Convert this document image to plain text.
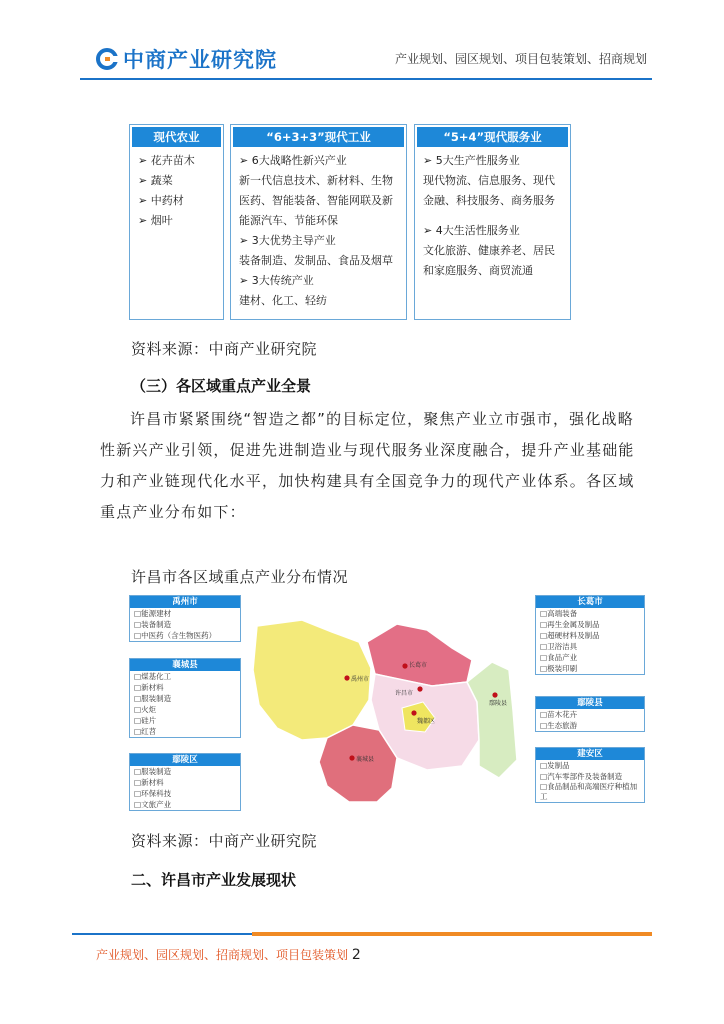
中商产业研究院	产业规划、园区规划、项目包装策划、招商规划
现代农业
➢ 花卉苗木
➢ 蔬菜
➢ 中药材
➢ 烟叶
“6+3+3”现代工业
➢ 6大战略性新兴产业
新一代信息技术、新材料、生物
医药、智能装备、智能网联及新
能源汽车、节能环保
➢ 3大优势主导产业
装备制造、发制品、食品及烟草
➢ 3大传统产业
建材、化工、轻纺
“5+4”现代服务业
➢ 5大生产性服务业
现代物流、信息服务、现代
金融、科技服务、商务服务
➢ 4大生活性服务业
文化旅游、健康养老、居民
和家庭服务、商贸流通
资料来源：中商产业研究院
（三）各区域重点产业全景
许昌市紧紧围绕“智造之都”的目标定位，聚焦产业立市强市，强化战略性新兴产业引领，促进先进制造业与现代服务业深度融合，提升产业基础能力和产业链现代化水平，加快构建具有全国竞争力的现代产业体系。各区域重点产业分布如下：
许昌市各区域重点产业分布情况
禹州市
长葛市
许昌市
魏都区
鄢陵县
襄城县
禹州市
□ 能源建材
□ 装备制造
□ 中医药（含生物医药）
襄城县
□ 煤基化工
□ 新材料
□ 服装制造
□ 火炬
□ 硅片
□ 红苕
鄢陵区
□ 服装制造
□ 新材料
□ 环保科技
□ 文旅产业
长葛市
□ 高端装备
□ 再生金属及制品
□ 超硬材料及制品
□ 卫浴洁具
□ 食品产业
□ 极装印刷
鄢陵县
□ 苗木花卉
□ 生态旅游
建安区
□ 发制品
□ 汽车零部件及装备制造
□ 食品制品和高端医疗种植加工
资料来源：中商产业研究院
二、许昌市产业发展现状
产业规划、园区规划、招商规划、项目包装策划 2
